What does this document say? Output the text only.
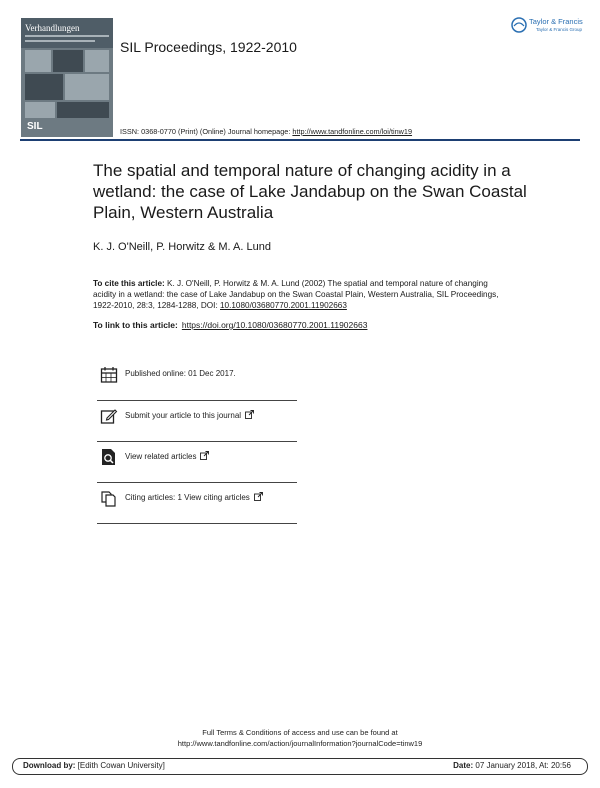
Verhandlungen
SIL
SIL Proceedings, 1922-2010
ISSN: 0368-0770 (Print) (Online) Journal homepage: http://www.tandfonline.com/loi/tinw19
Taylor & Francis
Taylor & Francis Group
The spatial and temporal nature of changing acidity in a wetland: the case of Lake Jandabup on the Swan Coastal Plain, Western Australia
K. J. O'Neill, P. Horwitz & M. A. Lund
To cite this article: K. J. O'Neill, P. Horwitz & M. A. Lund (2002) The spatial and temporal nature of changing acidity in a wetland: the case of Lake Jandabup on the Swan Coastal Plain, Western Australia, SIL Proceedings, 1922-2010, 28:3, 1284-1288, DOI: 10.1080/03680770.2001.11902663
To link to this article: https://doi.org/10.1080/03680770.2001.11902663
Published online: 01 Dec 2017.
Submit your article to this journal
View related articles
Citing articles: 1 View citing articles
Full Terms & Conditions of access and use can be found at
http://www.tandfonline.com/action/journalInformation?journalCode=tinw19
Download by: [Edith Cowan University]	Date: 07 January 2018, At: 20:56
